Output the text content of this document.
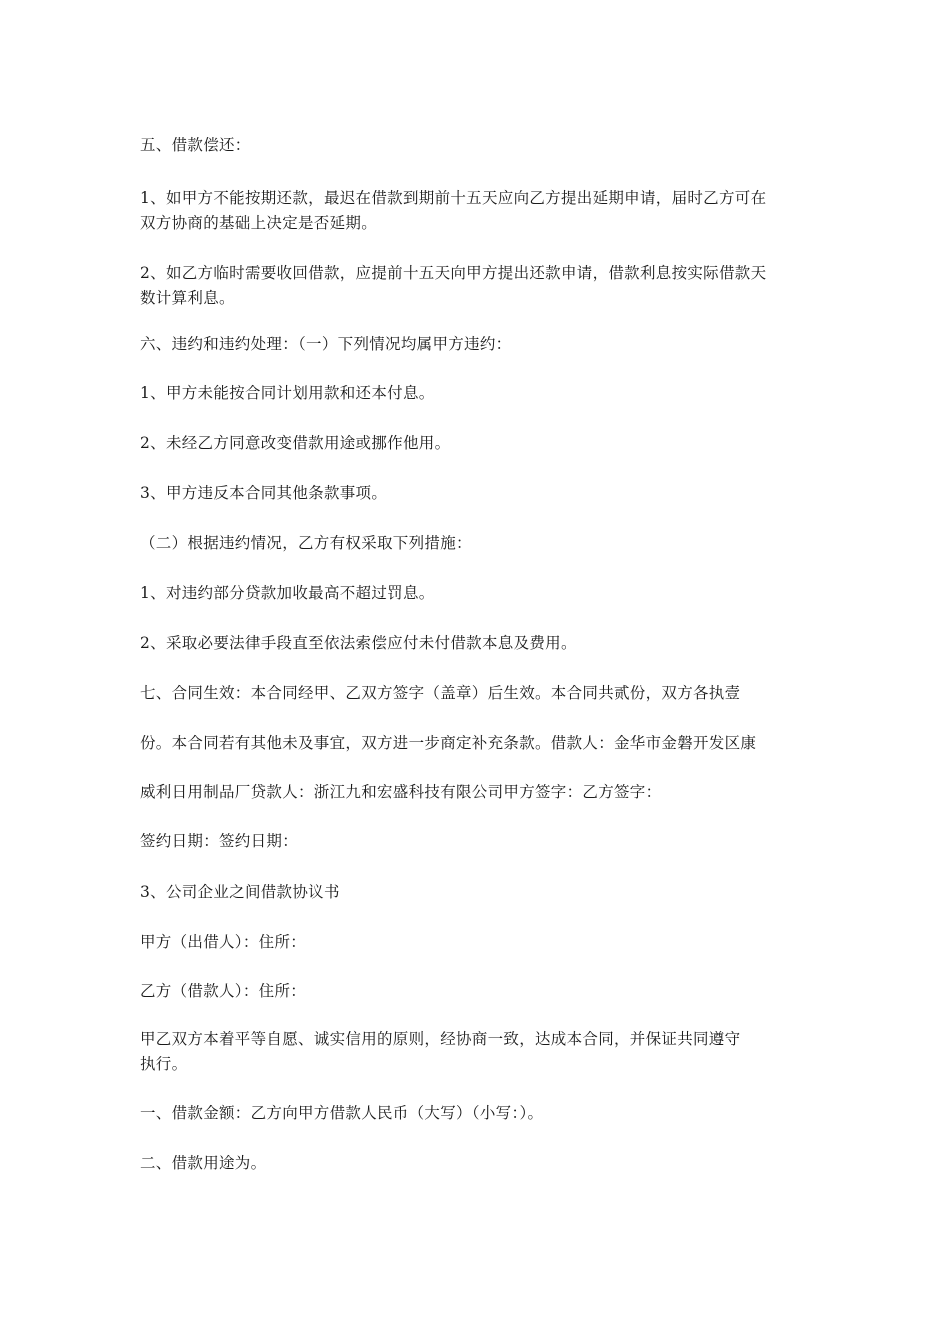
五、借款偿还：

1、如甲方不能按期还款，最迟在借款到期前十五天应向乙方提出延期申请，届时乙方可在
双方协商的基础上决定是否延期。

2、如乙方临时需要收回借款，应提前十五天向甲方提出还款申请，借款利息按实际借款天
数计算利息。

六、违约和违约处理：（一）下列情况均属甲方违约：

1、甲方未能按合同计划用款和还本付息。

2、未经乙方同意改变借款用途或挪作他用。

3、甲方违反本合同其他条款事项。

（二）根据违约情况，乙方有权采取下列措施：

1、对违约部分贷款加收最高不超过罚息。

2、采取必要法律手段直至依法索偿应付未付借款本息及费用。

七、合同生效：本合同经甲、乙双方签字（盖章）后生效。本合同共贰份，双方各执壹

份。本合同若有其他未及事宜，双方进一步商定补充条款。借款人：金华市金磐开发区康

威利日用制品厂贷款人：浙江九和宏盛科技有限公司甲方签字：乙方签字：

签约日期：签约日期：

3、公司企业之间借款协议书

甲方（出借人）：住所：

乙方（借款人）：住所：

甲乙双方本着平等自愿、诚实信用的原则，经协商一致，达成本合同，并保证共同遵守
执行。

一、借款金额：乙方向甲方借款人民币（大写）（小写：）。

二、借款用途为。
